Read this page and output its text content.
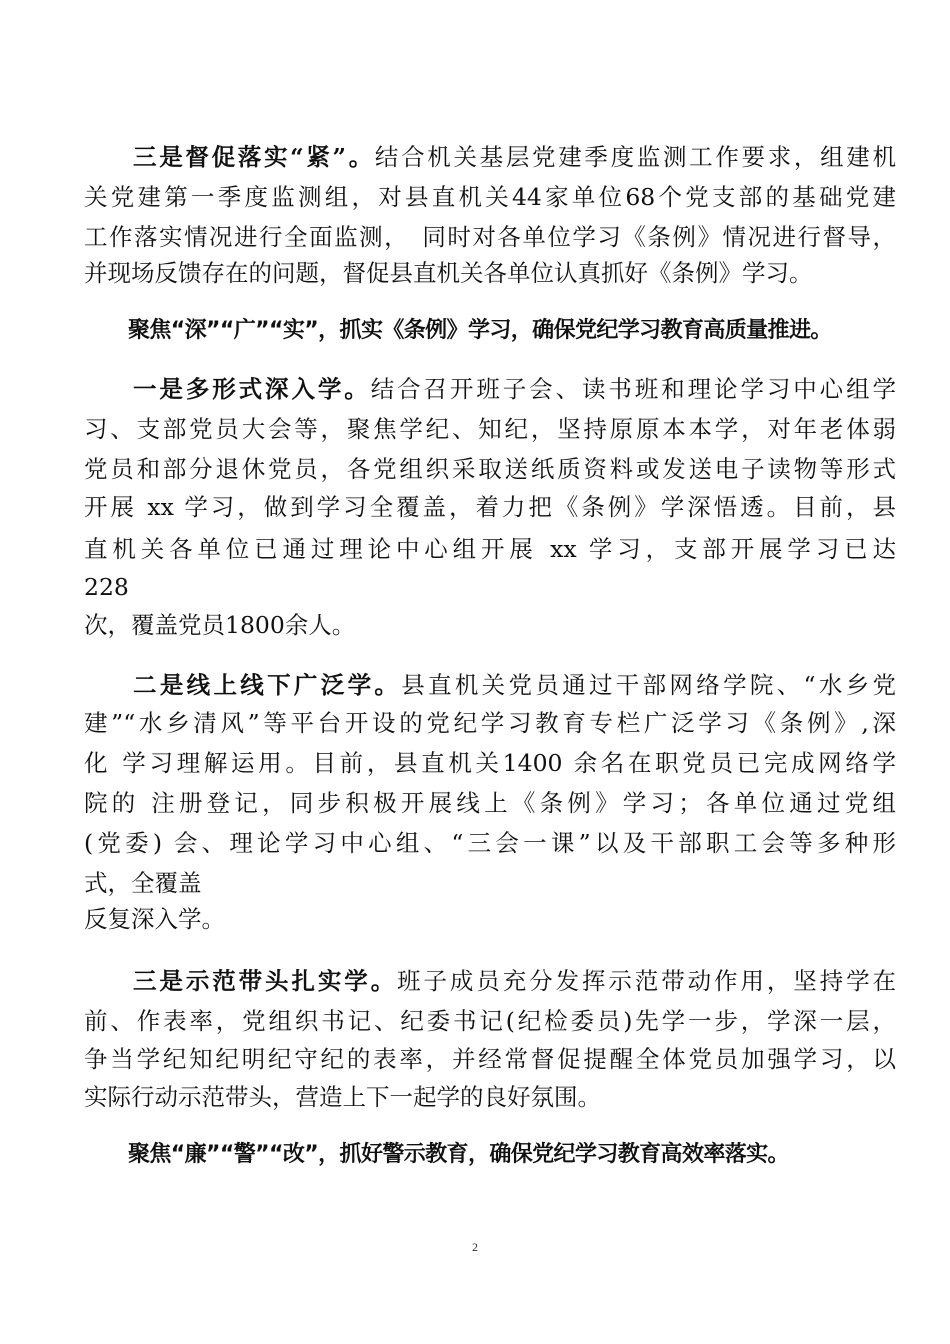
三是督促落实“紧”。结合机关基层党建季度监测工作要求，组建机
关党建第一季度监测组，对县直机关44家单位68个党支部的基础党建
工作落实情况进行全面监测，　同时对各单位学习《条例》情况进行督导，
并现场反馈存在的问题，督促县直机关各单位认真抓好《条例》学习。
聚焦“深”“广”“实”，抓实《条例》学习，确保党纪学习教育高质量推进。
一是多形式深入学。结合召开班子会、读书班和理论学习中心组学
习、支部党员大会等，聚焦学纪、知纪，坚持原原本本学，对年老体弱
党员和部分退休党员，各党组织采取送纸质资料或发送电子读物等形式
开展 xx 学习，做到学习全覆盖，着力把《条例》学深悟透。目前，县
直机关各单位已通过理论中心组开展 xx 学习，支部开展学习已达
228
次，覆盖党员1800余人。
二是线上线下广泛学。县直机关党员通过干部网络学院、“水乡党
建”“水乡清风”等平台开设的党纪学习教育专栏广泛学习《条例》,深
化 学习理解运用。目前，县直机关1400 余名在职党员已完成网络学
院的 注册登记，同步积极开展线上《条例》学习；各单位通过党组
(党委) 会、理论学习中心组、“三会一课”以及干部职工会等多种形
式，全覆盖
反复深入学。
三是示范带头扎实学。班子成员充分发挥示范带动作用，坚持学在
前、作表率，党组织书记、纪委书记(纪检委员)先学一步，学深一层，
争当学纪知纪明纪守纪的表率，并经常督促提醒全体党员加强学习，以
实际行动示范带头，营造上下一起学的良好氛围。
聚焦“廉”“警”“改”，抓好警示教育，确保党纪学习教育高效率落实。
2
